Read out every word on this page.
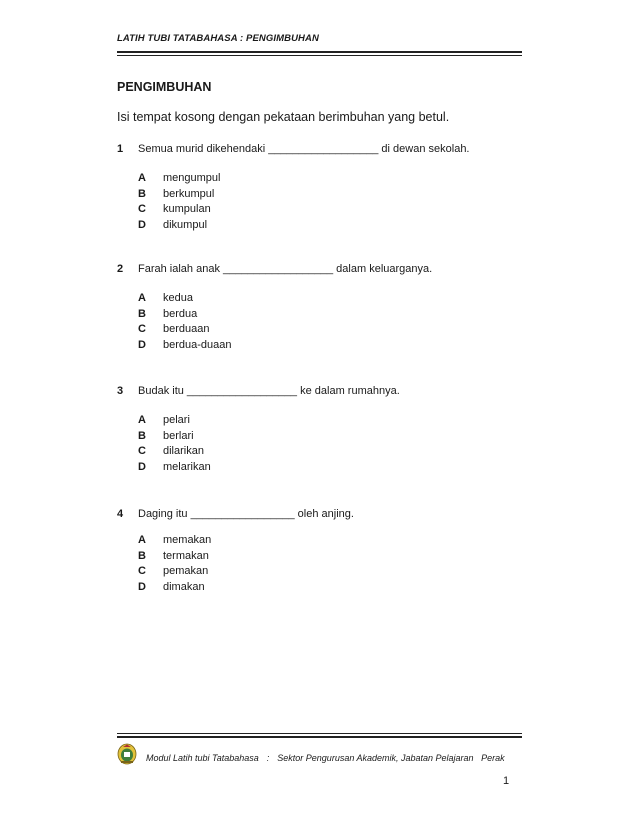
LATIH TUBI TATABAHASA : PENGIMBUHAN
PENGIMBUHAN
Isi tempat kosong dengan pekataan berimbuhan yang betul.
1 Semua murid dikehendaki __________________ di dewan sekolah.
A mengumpul
B berkumpul
C kumpulan
D dikumpul
2 Farah ialah anak __________________ dalam keluarganya.
A kedua
B berdua
C berduaan
D berdua-duaan
3 Budak itu __________________ ke dalam rumahnya.
A pelari
B berlari
C dilarikan
D melarikan
4 Daging itu _________________ oleh anjing.
A memakan
B termakan
C pemakan
D dimakan
Modul Latih tubi Tatabahasa : Sektor Pengurusan Akademik, Jabatan Pelajaran   Perak
1
